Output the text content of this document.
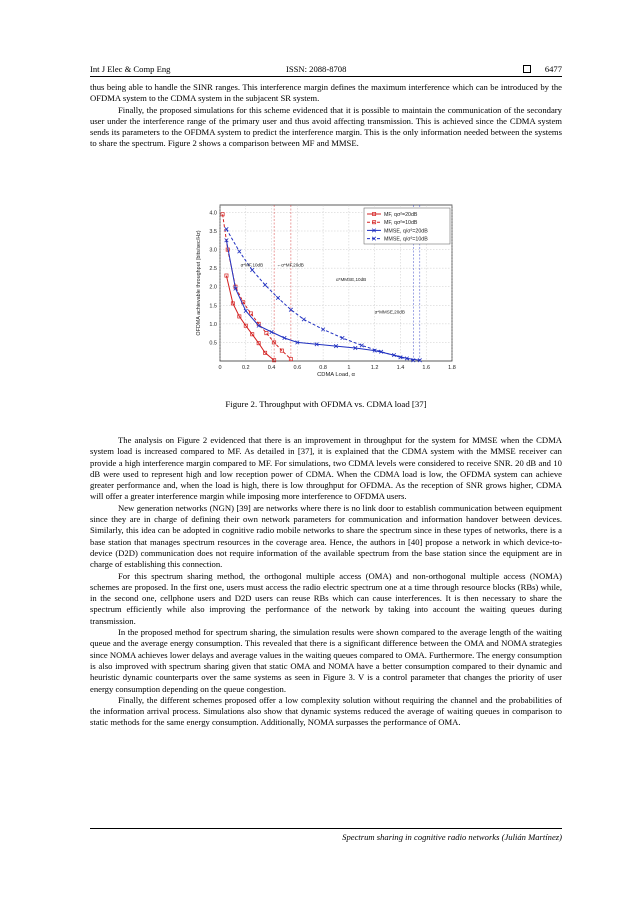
Int J Elec & Comp Eng	ISSN: 2088-8708	6477

thus being able to handle the SINR ranges. This interference margin defines the maximum interference which can be introduced by the OFDMA system to the CDMA system in the subjacent SR system.

Finally, the proposed simulations for this scheme evidenced that it is possible to maintain the communication of the secondary user under the interference range of the primary user and thus avoid affecting transmission. This is achieved since the CDMA system sends its parameters to the OFDMA system to predict the interference margin. This is the only information needed between the systems to share the spectrum. Figure 2 shows a comparison between MF and MMSE.

0	0.2	0.4	0.6	0.8	1	1.2	1.4	1.6	1.8
0.5
1.0
1.5
2.0
2.5
3.0
3.5
4.0
α*MF,10dB	←α*MF,20dB
α*MMSE,10dB
α*MMSE,20dB
MF, qσ²=20dB
MF, qσ²=10dB
MMSE, q/σ²=20dB
MMSE, q/σ²=10dB
CDMA Load, α
OFDMA achievable throughput (bits/sec/Hz)
Figure 2. Throughput with OFDMA vs. CDMA load [37]

The analysis on Figure 2 evidenced that there is an improvement in throughput for the system for MMSE when the CDMA system load is increased compared to MF. As detailed in [37], it is explained that the CDMA system with the MMSE receiver can provide a high interference margin compared to MF. For simulations, two CDMA levels were considered to receive SNR. 20 dB and 10 dB were used to represent high and low reception power of CDMA. When the CDMA load is low, the OFDMA system can achieve greater performance and, when the load is high, there is low throughput for OFDMA. As the reception of SNR grows higher, CDMA will offer a greater interference margin while imposing more interference to OFDMA users.

New generation networks (NGN) [39] are networks where there is no link door to establish communication between equipment since they are in charge of defining their own network parameters for communication and information handover between devices. Similarly, this idea can be adopted in cognitive radio mobile networks to share the spectrum since in these types of networks, there is a base station that manages spectrum resources in the coverage area. Hence, the authors in [40] propose a network in which device-to-device (D2D) communication does not require information of the available spectrum from the base station since the equipment are in charge of establishing this connection.

For this spectrum sharing method, the orthogonal multiple access (OMA) and non-orthogonal multiple access (NOMA) schemes are proposed. In the first one, users must access the radio electric spectrum one at a time through resource blocks (RBs) while, in the second one, cellphone users and D2D users can reuse RBs which can cause interferences. It is then necessary to share the spectrum efficiently while also improving the performance of the network by taking into account the waiting queues during transmission.

In the proposed method for spectrum sharing, the simulation results were shown compared to the average length of the waiting queue and the average energy consumption. This revealed that there is a significant difference between the OMA and NOMA strategies since NOMA achieves lower delays and average values in the waiting queues compared to OMA. Furthermore. The energy consumption is also improved with spectrum sharing given that static OMA and NOMA have a better consumption compared to their dynamic and heuristic dynamic counterparts over the same systems as seen in Figure 3. V is a control parameter that changes the priority of user energy consumption depending on the queue congestion.

Finally, the different schemes proposed offer a low complexity solution without requiring the channel and the probabilities of the information arrival process. Simulations also show that dynamic systems reduced the average of waiting queues in comparison to static methods for the same energy consumption. Additionally, NOMA surpasses the performance of OMA.

Spectrum sharing in cognitive radio networks (Julián Martínez)
